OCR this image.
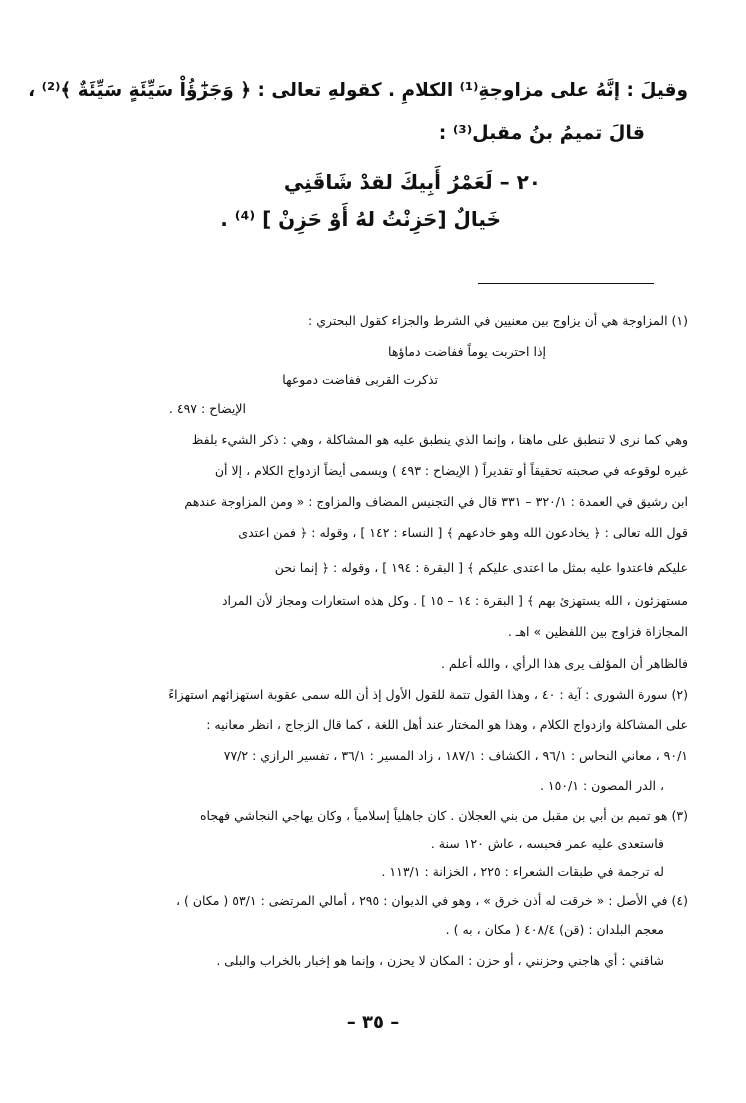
وقيلَ : إنَّهُ على مزاوجةِ⁽¹⁾ الكلامِ . كقولهِ تعالى : ﴿ وَجَزَٰٓؤُاْ سَيِّئَةٍ سَيِّئَةٌ ﴾⁽²⁾ ،
قالَ تميمُ بنُ مقبل⁽³⁾ :
٢٠ – لَعَمْرُ أَبِيكَ لقدْ شَاقَنِي
خَيالٌ [حَزِنْتُ لهُ أَوْ حَزِنْ ] ⁽⁴⁾ .
(١) المزاوجة هي أن يزاوج بين معنيين في الشرط والجزاء كقول البحتري :
إذا احتربت يوماً ففاضت دماؤها
تذكرت القربى ففاضت دموعها
الإيضاح : ٤٩٧ .
وهي كما نرى لا تنطبق على ماهنا ، وإنما الذي ينطبق عليه هو المشاكلة ، وهي : ذكر الشيء بلفظ
غيره لوقوعه في صحبته تحقيقاً أو تقديراً ( الإيضاح : ٤٩٣ ) ويسمى أيضاً ازدواج الكلام ، إلا أن
ابن رشيق في العمدة : ٣٢٠/١ – ٣٣١ قال في التجنيس المضاف والمزاوج : « ومن المزاوجة عندهم
قول الله تعالى : ﴿ يخادعون الله وهو خادعهم ﴾ [ النساء : ١٤٢ ] ، وقوله : ﴿ فمن اعتدى
عليكم فاعتدوا عليه بمثل ما اعتدى عليكم ﴾ [ البقرة : ١٩٤ ] ، وقوله : ﴿ إنما نحن
مستهزئون ، الله يستهزئ بهم ﴾ [ البقرة : ١٤ – ١٥ ] . وكل هذه استعارات ومجاز لأن المراد
المجازاة فزاوج بين اللفظين » اهـ .
فالظاهر أن المؤلف يرى هذا الرأي ، والله أعلم .
(٢) سورة الشورى : آية : ٤٠ ، وهذا القول تتمة للقول الأول إذ أن الله سمى عقوبة استهزائهم استهزاءً
على المشاكلة وازدواج الكلام ، وهذا هو المختار عند أهل اللغة ، كما قال الزجاج ، انظر معانيه :
٩٠/١ ، معاني النحاس : ٩٦/١ ، الكشاف : ١٨٧/١ ، زاد المسير : ٣٦/١ ، تفسير الرازي : ٧٧/٢
، الدر المصون : ١٥٠/١ .
(٣) هو تميم بن أبي بن مقبل من بني العجلان . كان جاهلياً إسلامياً ، وكان يهاجي النجاشي فهجاه
فاستعدى عليه عمر فحبسه ، عاش ١٢٠ سنة .
له ترجمة في طبقات الشعراء : ٢٢٥ ، الخزانة : ١١٣/١ .
(٤) في الأصل : « خرقت له أذن خرق » ، وهو في الديوان : ٢٩٥ ، أمالي المرتضى : ٥٣/١ ( مكان ) ،
معجم البلدان : (قن) ٤٠٨/٤ ( مكان ، به ) .
شاقني : أي هاجني وحزنني ، أو حزن : المكان لا يحزن ، وإنما هو إخبار بالخراب والبلى .
– ٣٥ –
